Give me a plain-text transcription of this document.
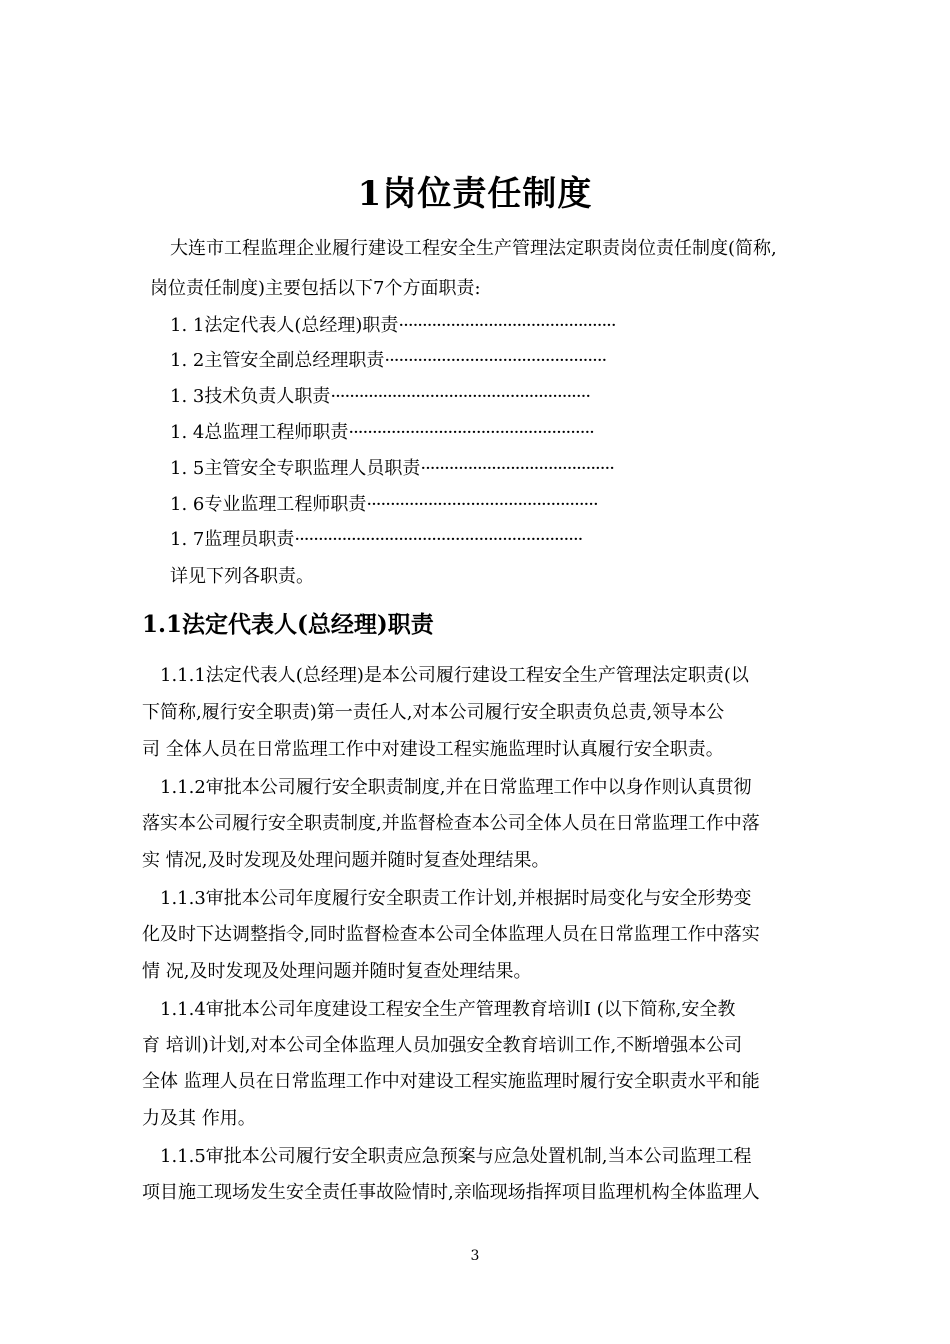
1岗位责任制度
大连市工程监理企业履行建设工程安全生产管理法定职责岗位责任制度(简称,
岗位责任制度)主要包括以下7个方面职责:
1. 1法定代表人(总经理)职责··············································
1. 2主管安全副总经理职责···············································
1. 3技术负责人职责·······················································
1. 4总监理工程师职责····················································
1. 5主管安全专职监理人员职责·········································
1. 6专业监理工程师职责·················································
1. 7监理员职责·····························································
详见下列各职责。
1.1法定代表人(总经理)职责
1.1.1法定代表人(总经理)是本公司履行建设工程安全生产管理法定职责(以
下简称,履行安全职责)第一责任人,对本公司履行安全职责负总责,领导本公
司 全体人员在日常监理工作中对建设工程实施监理时认真履行安全职责。
1.1.2审批本公司履行安全职责制度,并在日常监理工作中以身作则认真贯彻
落实本公司履行安全职责制度,并监督检查本公司全体人员在日常监理工作中落
实 情况,及时发现及处理问题并随时复查处理结果。
1.1.3审批本公司年度履行安全职责工作计划,并根据时局变化与安全形势变
化及时下达调整指令,同时监督检查本公司全体监理人员在日常监理工作中落实
情 况,及时发现及处理问题并随时复查处理结果。
1.1.4审批本公司年度建设工程安全生产管理教育培训I (以下简称,安全教
育 培训)计划,对本公司全体监理人员加强安全教育培训工作,不断增强本公司
全体 监理人员在日常监理工作中对建设工程实施监理时履行安全职责水平和能
力及其 作用。
1.1.5审批本公司履行安全职责应急预案与应急处置机制,当本公司监理工程
项目施工现场发生安全责任事故险情时,亲临现场指挥项目监理机构全体监理人
3
